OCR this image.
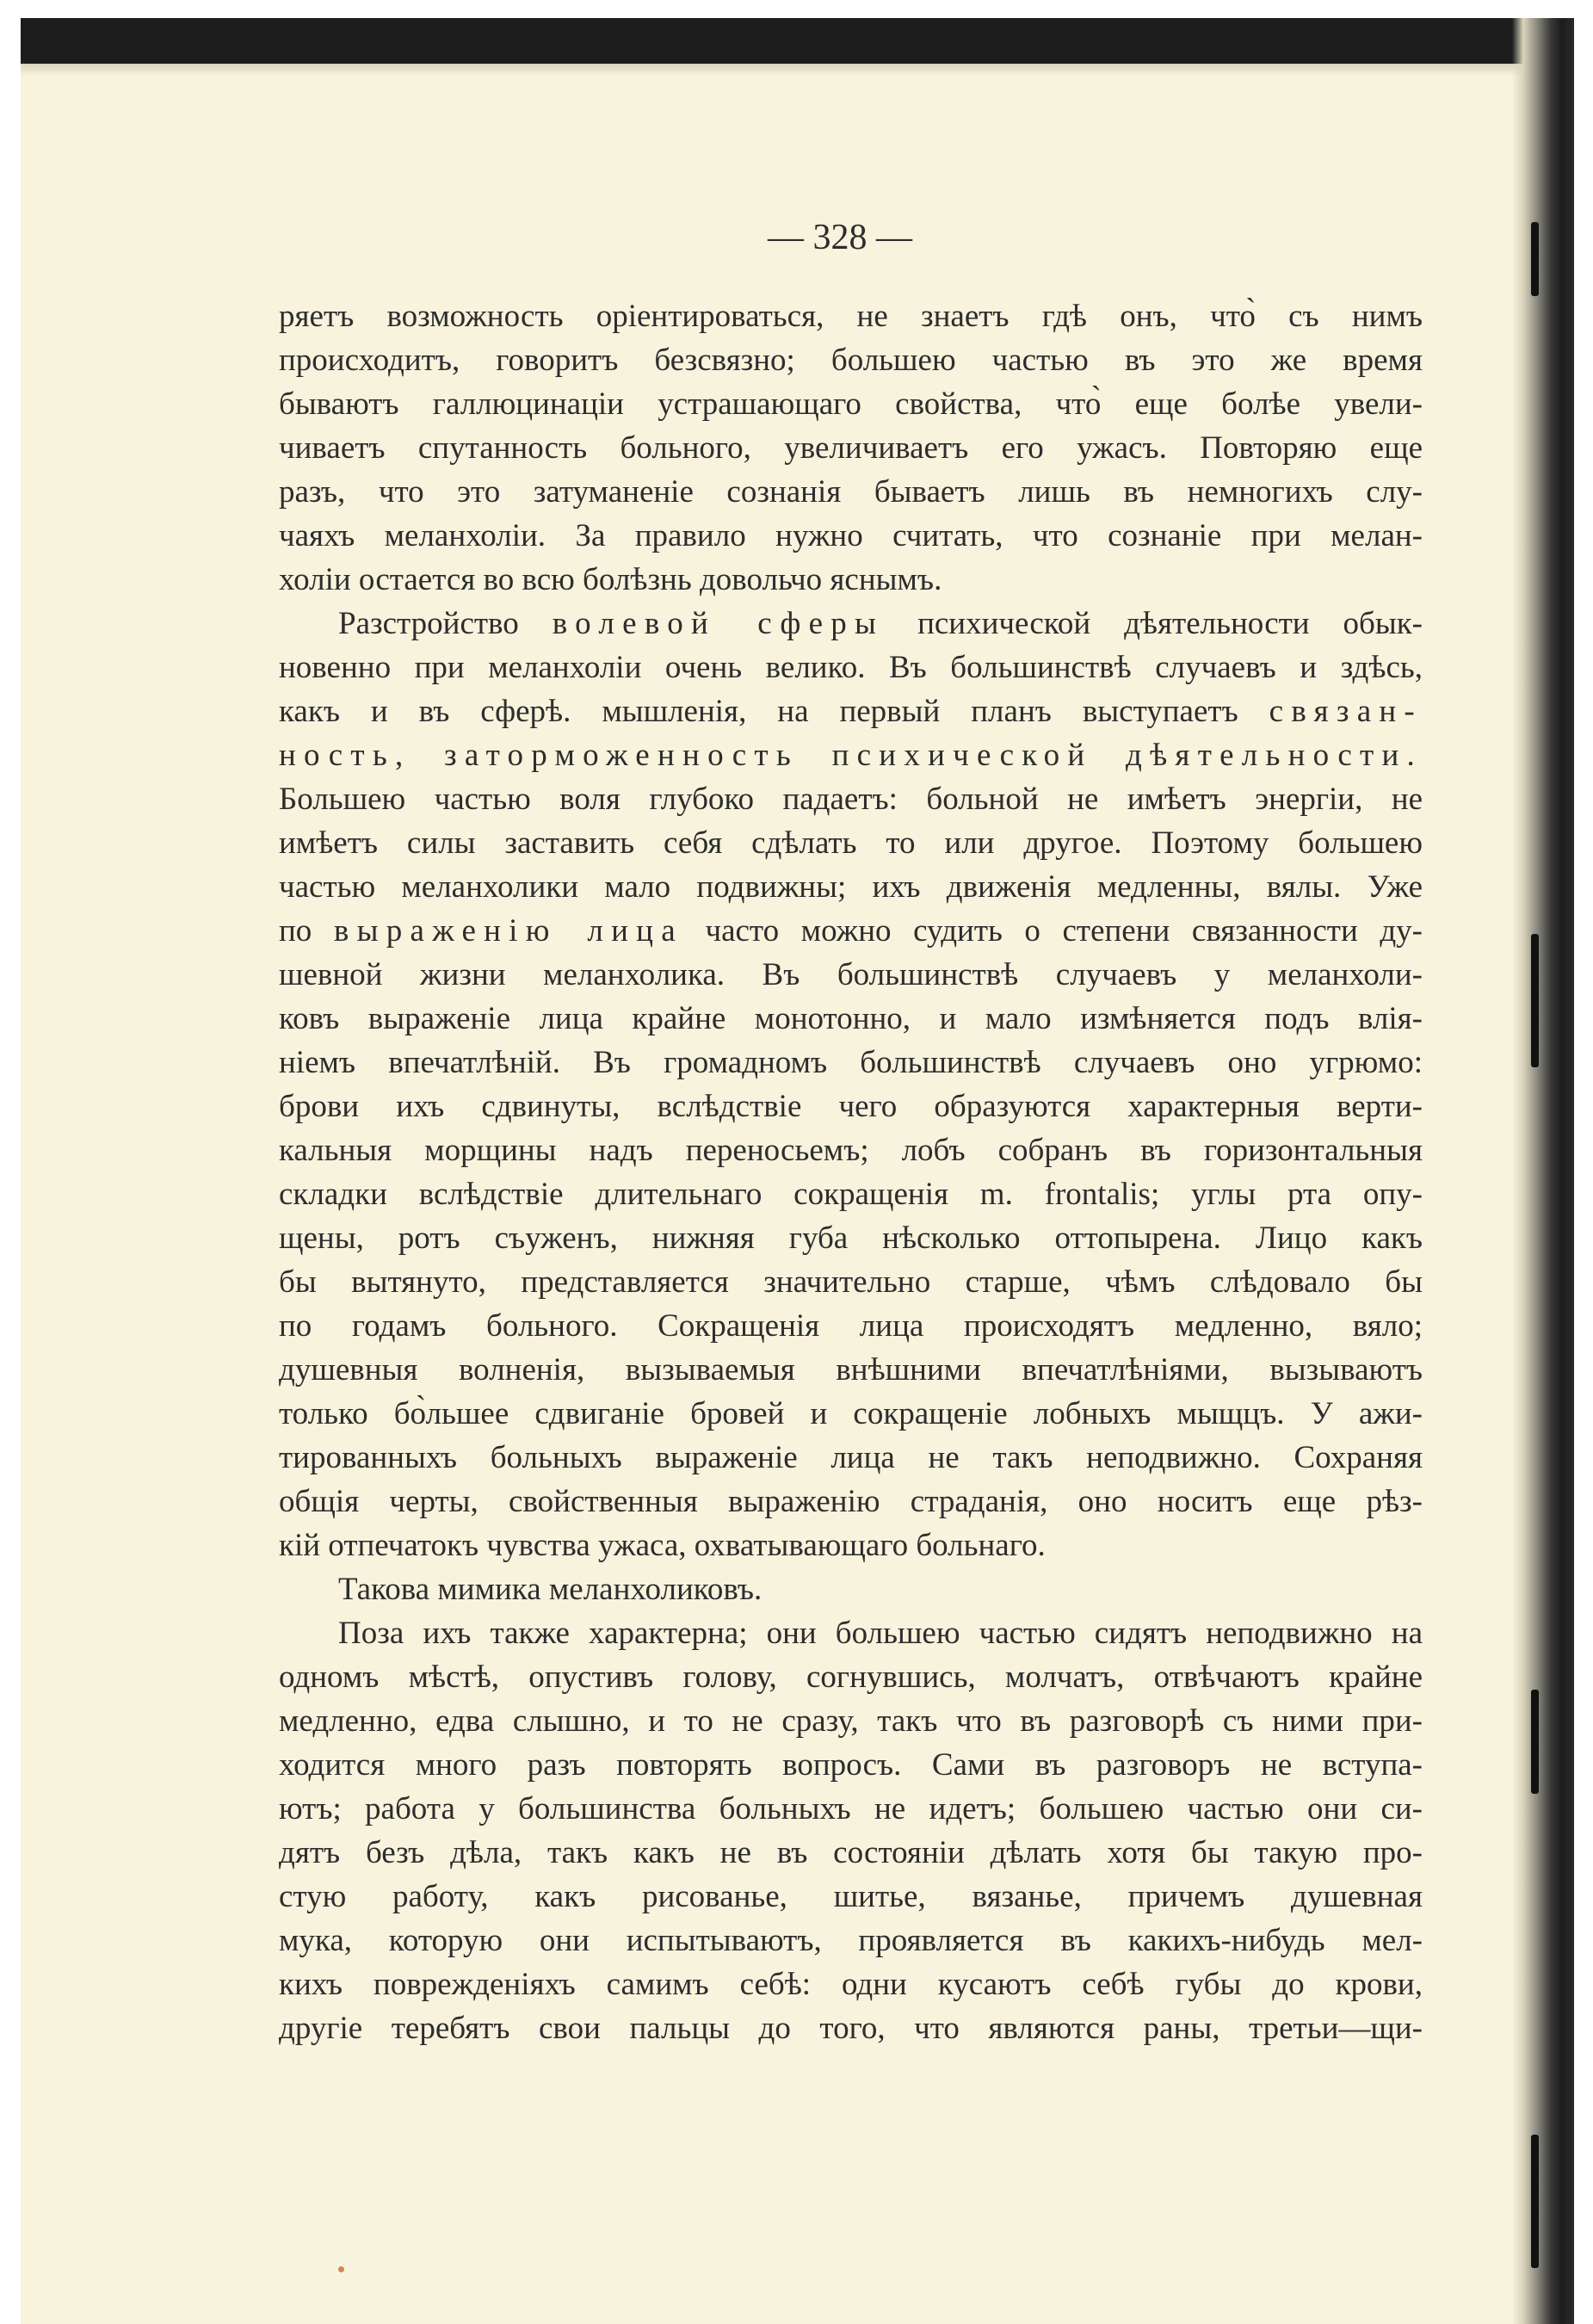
— 328 —
ряетъ возможность оріентироваться, не знаетъ гдѣ онъ, что̀ съ нимъ
происходитъ, говоритъ безсвязно; большею частью въ это же время
бываютъ галлюцинаціи устрашающаго свойства, что̀ еще болѣе увели-
чиваетъ спутанность больного, увеличиваетъ его ужасъ. Повторяю еще
разъ, что это затуманеніе сознанія бываетъ лишь въ немногихъ слу-
чаяхъ меланхоліи. За правило нужно считать, что сознаніе при мелан-
холіи остается во всю болѣзнь довольчо яснымъ.
Разстройство волевой сферы психической дѣятельности обык-
новенно при меланхоліи очень велико. Въ большинствѣ случаевъ и здѣсь,
какъ и въ сферѣ. мышленія, на первый планъ выступаетъ связан-
ность, заторможенность психической дѣятельности.
Большею частью воля глубоко падаетъ: больной не имѣетъ энергіи, не
имѣетъ силы заставить себя сдѣлать то или другое. Поэтому большею
частью меланхолики мало подвижны; ихъ движенія медленны, вялы. Уже
по выраженію лица часто можно судить о степени связанности ду-
шевной жизни меланхолика. Въ большинствѣ случаевъ у меланхоли-
ковъ выраженіе лица крайне монотонно, и мало измѣняется подъ влія-
ніемъ впечатлѣній. Въ громадномъ большинствѣ случаевъ оно угрюмо:
брови ихъ сдвинуты, вслѣдствіе чего образуются характерныя верти-
кальныя морщины надъ переносьемъ; лобъ собранъ въ горизонтальныя
складки вслѣдствіе длительнаго сокращенія m. frontalis; углы рта опу-
щены, ротъ съуженъ, нижняя губа нѣсколько оттопырена. Лицо какъ
бы вытянуто, представляется значительно старше, чѣмъ слѣдовало бы
по годамъ больного. Сокращенія лица происходятъ медленно, вяло;
душевныя волненія, вызываемыя внѣшними впечатлѣніями, вызываютъ
только бо̀льшее сдвиганіе бровей и сокращеніе лобныхъ мыщцъ. У ажи-
тированныхъ больныхъ выраженіе лица не такъ неподвижно. Сохраняя
общія черты, свойственныя выраженію страданія, оно носитъ еще рѣз-
кій отпечатокъ чувства ужаса, охватывающаго больнаго.
Такова мимика меланхоликовъ.
Поза ихъ также характерна; они большею частью сидятъ неподвижно на
одномъ мѣстѣ, опустивъ голову, согнувшись, молчатъ, отвѣчаютъ крайне
медленно, едва слышно, и то не сразу, такъ что въ разговорѣ съ ними при-
ходится много разъ повторять вопросъ. Сами въ разговоръ не вступа-
ютъ; работа у большинства больныхъ не идетъ; большею частью они си-
дятъ безъ дѣла, такъ какъ не въ состояніи дѣлать хотя бы такую про-
стую работу, какъ рисованье, шитье, вязанье, причемъ душевная
мука, которую они испытываютъ, проявляется въ какихъ-нибудь мел-
кихъ поврежденіяхъ самимъ себѣ: одни кусаютъ себѣ губы до крови,
другіе теребятъ свои пальцы до того, что являются раны, третьи—щи-
